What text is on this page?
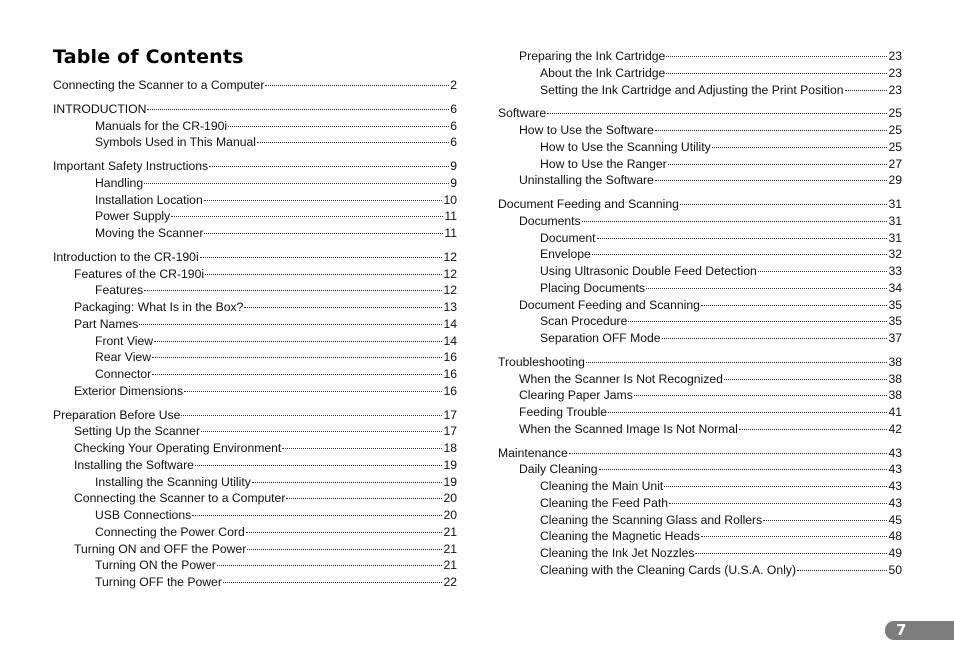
Table of Contents
Connecting the Scanner to a Computer	2
INTRODUCTION	6
Manuals for the CR-190i	6
Symbols Used in This Manual	6
Important Safety Instructions	9
Handling	9
Installation Location	10
Power Supply	11
Moving the Scanner	11
Introduction to the CR-190i	12
Features of the CR-190i	12
Features	12
Packaging: What Is in the Box?	13
Part Names	14
Front View	14
Rear View	16
Connector	16
Exterior Dimensions	16
Preparation Before Use	17
Setting Up the Scanner	17
Checking Your Operating Environment	18
Installing the Software	19
Installing the Scanning Utility	19
Connecting the Scanner to a Computer	20
USB Connections	20
Connecting the Power Cord	21
Turning ON and OFF the Power	21
Turning ON the Power	21
Turning OFF the Power	22
Preparing the Ink Cartridge	23
About the Ink Cartridge	23
Setting the Ink Cartridge and Adjusting the Print Position	23
Software	25
How to Use the Software	25
How to Use the Scanning Utility	25
How to Use the Ranger	27
Uninstalling the Software	29
Document Feeding and Scanning	31
Documents	31
Document	31
Envelope	32
Using Ultrasonic Double Feed Detection	33
Placing Documents	34
Document Feeding and Scanning	35
Scan Procedure	35
Separation OFF Mode	37
Troubleshooting	38
When the Scanner Is Not Recognized	38
Clearing Paper Jams	38
Feeding Trouble	41
When the Scanned Image Is Not Normal	42
Maintenance	43
Daily Cleaning	43
Cleaning the Main Unit	43
Cleaning the Feed Path	43
Cleaning the Scanning Glass and Rollers	45
Cleaning the Magnetic Heads	48
Cleaning the Ink Jet Nozzles	49
Cleaning with the Cleaning Cards (U.S.A. Only)	50
7
